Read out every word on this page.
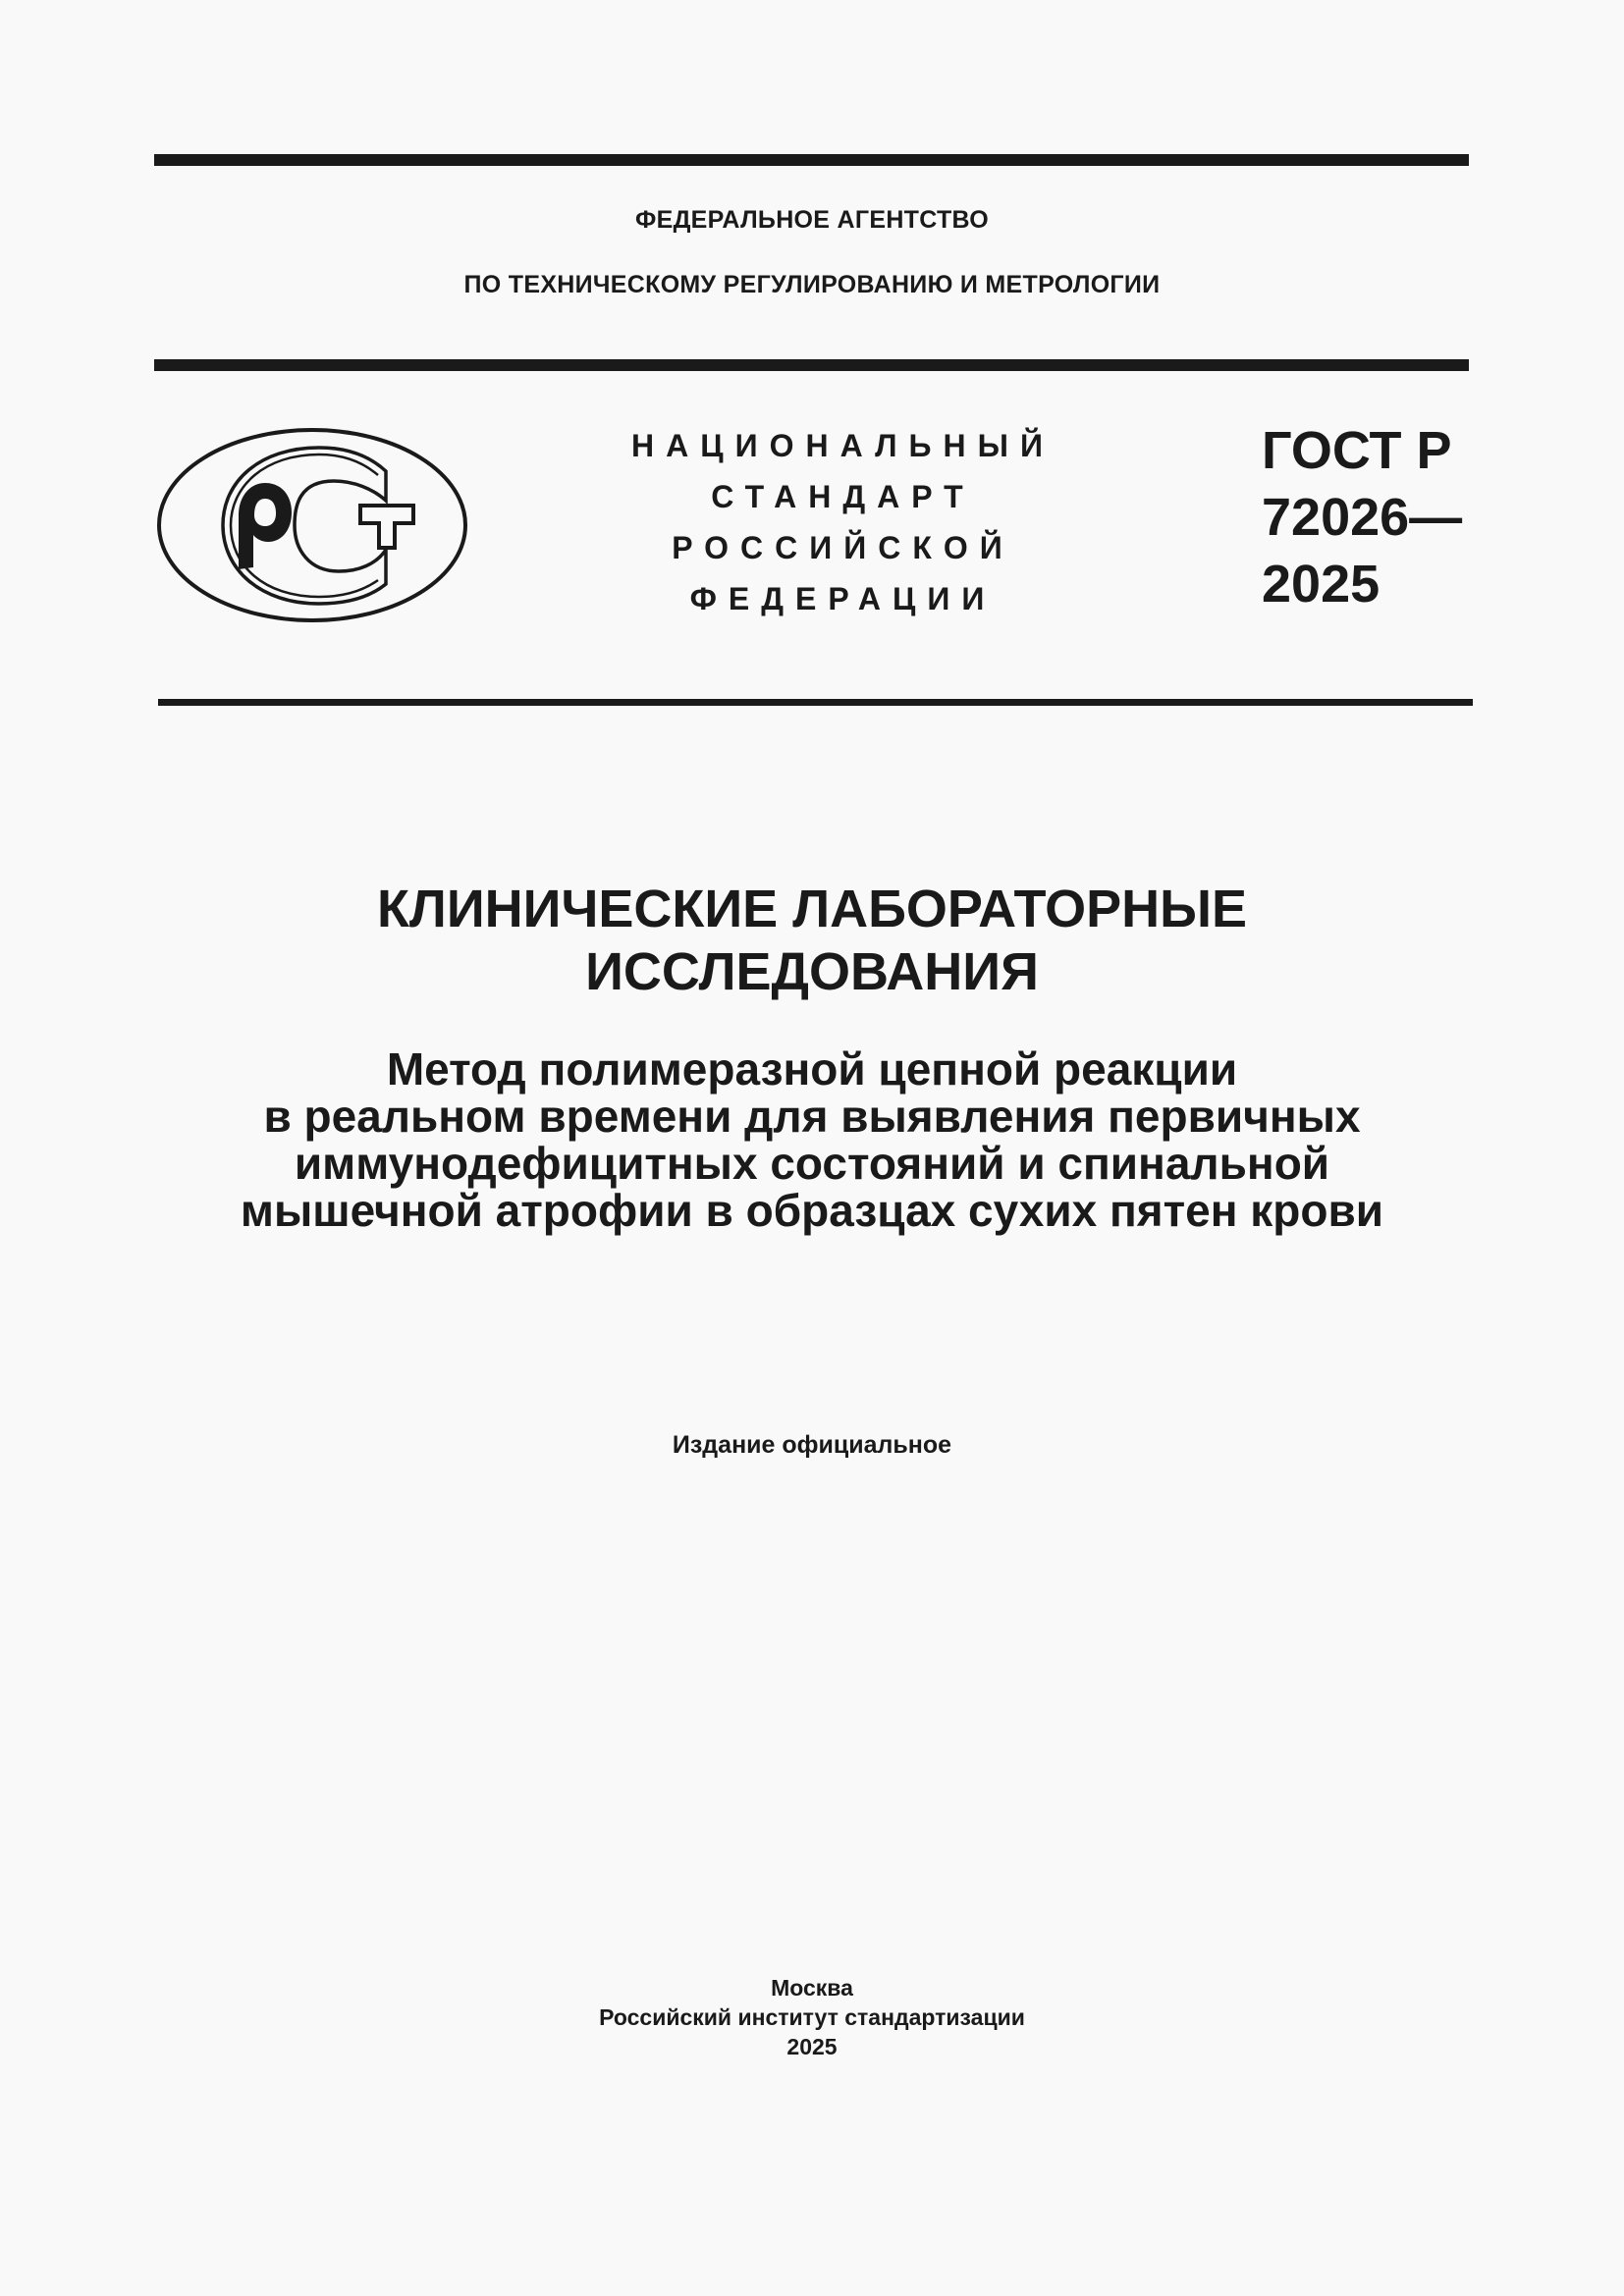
ФЕДЕРАЛЬНОЕ АГЕНТСТВО
ПО ТЕХНИЧЕСКОМУ РЕГУЛИРОВАНИЮ И МЕТРОЛОГИИ
НАЦИОНАЛЬНЫЙ
СТАНДАРТ
РОССИЙСКОЙ
ФЕДЕРАЦИИ
ГОСТ Р
72026—
2025
КЛИНИЧЕСКИЕ ЛАБОРАТОРНЫЕ
ИССЛЕДОВАНИЯ
Метод полимеразной цепной реакции
в реальном времени для выявления первичных
иммунодефицитных состояний и спинальной
мышечной атрофии в образцах сухих пятен крови
Издание официальное
Москва
Российский институт стандартизации
2025
